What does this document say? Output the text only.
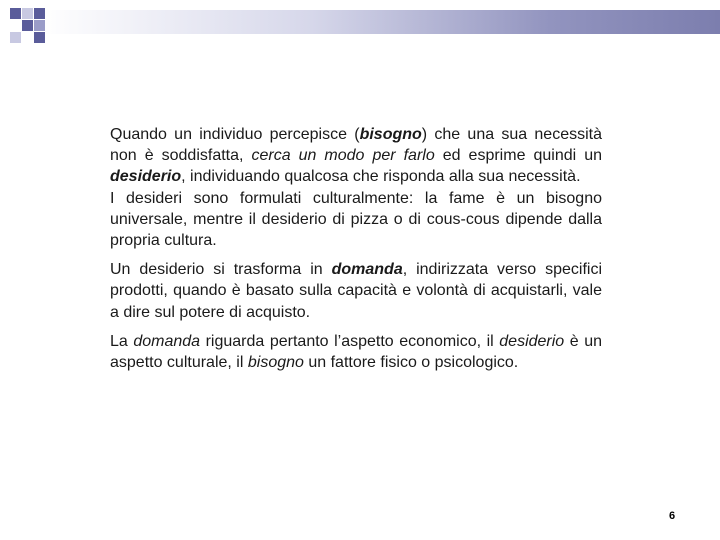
Quando un individuo percepisce (bisogno) che una sua necessità non è soddisfatta, cerca un modo per farlo ed esprime quindi un desiderio, individuando qualcosa che risponda alla sua necessità.

I desideri sono formulati culturalmente: la fame è un bisogno universale, mentre il desiderio di pizza o di cous-cous dipende dalla propria cultura.

Un desiderio si trasforma in domanda, indirizzata verso specifici prodotti, quando è basato sulla capacità e volontà di acquistarli, vale a dire sul potere di acquisto.

La domanda riguarda pertanto l’aspetto economico, il desiderio è un aspetto culturale, il bisogno un fattore fisico o psicologico.

6
